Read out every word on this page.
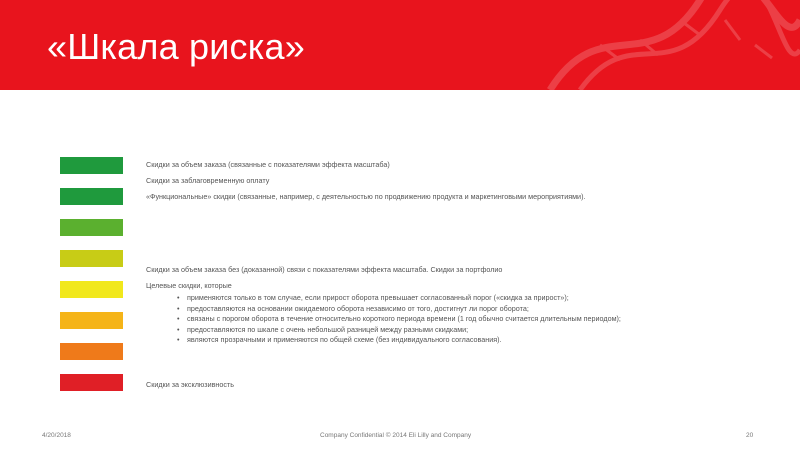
«Шкала риска»
Скидки за объем заказа (связанные с показателями эффекта масштаба)
Скидки за заблаговременную оплату
«Функциональные» скидки (связанные, например, с деятельностью по продвижению продукта и маркетинговыми мероприятиями).
Скидки за объем заказа без (доказанной) связи с показателями эффекта масштаба. Скидки за портфолио
Целевые скидки, которые
• применяются только в том случае, если прирост оборота превышает согласованный порог («скидка за прирост»);
• предоставляются на основании ожидаемого оборота независимо от того, достигнут ли порог оборота;
• связаны с порогом оборота в течение относительно короткого периода времени (1 год обычно считается длительным периодом);
• предоставляются по шкале с очень небольшой разницей между разными скидками;
• являются прозрачными и применяются по общей схеме (без индивидуального согласования).
Скидки за эксклюзивность
4/20/2018	Company Confidential © 2014 Eli Lilly and Company	20
